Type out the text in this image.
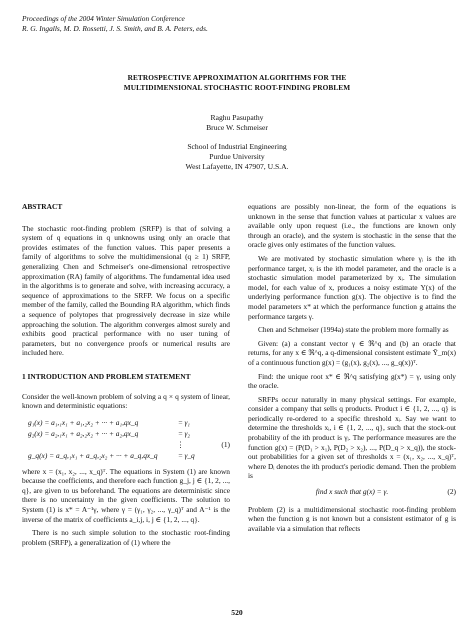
Proceedings of the 2004 Winter Simulation Conference
R. G. Ingalls, M. D. Rossetti, J. S. Smith, and B. A. Peters, eds.
RETROSPECTIVE APPROXIMATION ALGORITHMS FOR THE
MULTIDIMENSIONAL STOCHASTIC ROOT-FINDING PROBLEM
Raghu Pasupathy
Bruce W. Schmeiser
School of Industrial Engineering
Purdue University
West Lafayette, IN 47907, U.S.A.
ABSTRACT

The stochastic root-finding problem (SRFP) is that of solving a system of q equations in q unknowns using only an oracle that provides estimates of the function values. This paper presents a family of algorithms to solve the multidimensional (q ≥ 1) SRFP, generalizing Chen and Schmeiser's one-dimensional retrospective approximation (RA) family of algorithms. The fundamental idea used in the algorithms is to generate and solve, with increasing accuracy, a sequence of approximations to the SRFP. We focus on a specific member of the family, called the Bounding RA algorithm, which finds a sequence of polytopes that progressively decrease in size while approaching the solution. The algorithm converges almost surely and exhibits good practical performance with no user tuning of parameters, but no convergence proofs or numerical results are included here.

1 INTRODUCTION AND PROBLEM STATEMENT

Consider the well-known problem of solving a q × q system of linear, known and deterministic equations:

g₁(x) = a₁,₁x₁ + a₁,₂x₂ + ··· + a₁,qx_q	= γ₁
g₂(x) = a₂,₁x₁ + a₂,₂x₂ + ··· + a₂,qx_q	= γ₂
⋮	(1)
g_q(x) = a_q,₁x₁ + a_q,₂x₂ + ··· + a_q,qx_q	= γ_q

where x = (x₁, x₂, ..., x_q)ᵀ. The equations in System (1) are known because the coefficients, and therefore each function g_j, j ∈ {1, 2, ..., q}, are given to us beforehand. The equations are deterministic since there is no uncertainty in the given coefficients. The solution to System (1) is x* = A⁻¹γ, where γ = (γ₁, γ₂, ..., γ_q)ᵀ and A⁻¹ is the inverse of the matrix of coefficients a_i,j, i, j ∈ {1, 2, ..., q}.

There is no such simple solution to the stochastic root-finding problem (SRFP), a generalization of (1) where the

equations are possibly non-linear, the form of the equations is unknown in the sense that function values at particular x values are available only upon request (i.e., the functions are known only through an oracle), and the system is stochastic in the sense that the oracle gives only estimates of the function values.

We are motivated by stochastic simulation where γᵢ is the ith performance target, xᵢ is the ith model parameter, and the oracle is a stochastic simulation model parameterized by xᵢ. The simulation model, for each value of x, produces a noisy estimate Y(x) of the underlying performance function g(x). The objective is to find the model parameters x* at which the performance function g attains the performance targets γ.

Chen and Schmeiser (1994a) state the problem more formally as

Given: (a) a constant vector γ ∈ ℜ^q and (b) an oracle that returns, for any x ∈ ℜ^q, a q-dimensional consistent estimate Ȳ_m(x) of a continuous function g(x) = (g₁(x), g₂(x), ..., g_q(x))ᵀ.

Find: the unique root x* ∈ ℜ^q satisfying g(x*) = γ, using only the oracle.

SRFPs occur naturally in many physical settings. For example, consider a company that sells q products. Product i ∈ {1, 2, ..., q} is periodically re-ordered to a specific threshold xᵢ. Say we want to determine the thresholds xᵢ, i ∈ {1, 2, ..., q}, such that the stock-out probability of the ith product is γᵢ. The performance measures are the function g(x) = (P(D₁ > x₁), P(D₂ > x₂), ..., P(D_q > x_q)), the stock-out probabilities for a given set of thresholds x = (x₁, x₂, ..., x_q)ᵀ, where Dᵢ denotes the ith product's periodic demand. Then the problem is

find x such that g(x) = γ.	(2)

Problem (2) is a multidimensional stochastic root-finding problem when the function g is not known but a consistent estimator of g is available via a simulation that reflects

520
